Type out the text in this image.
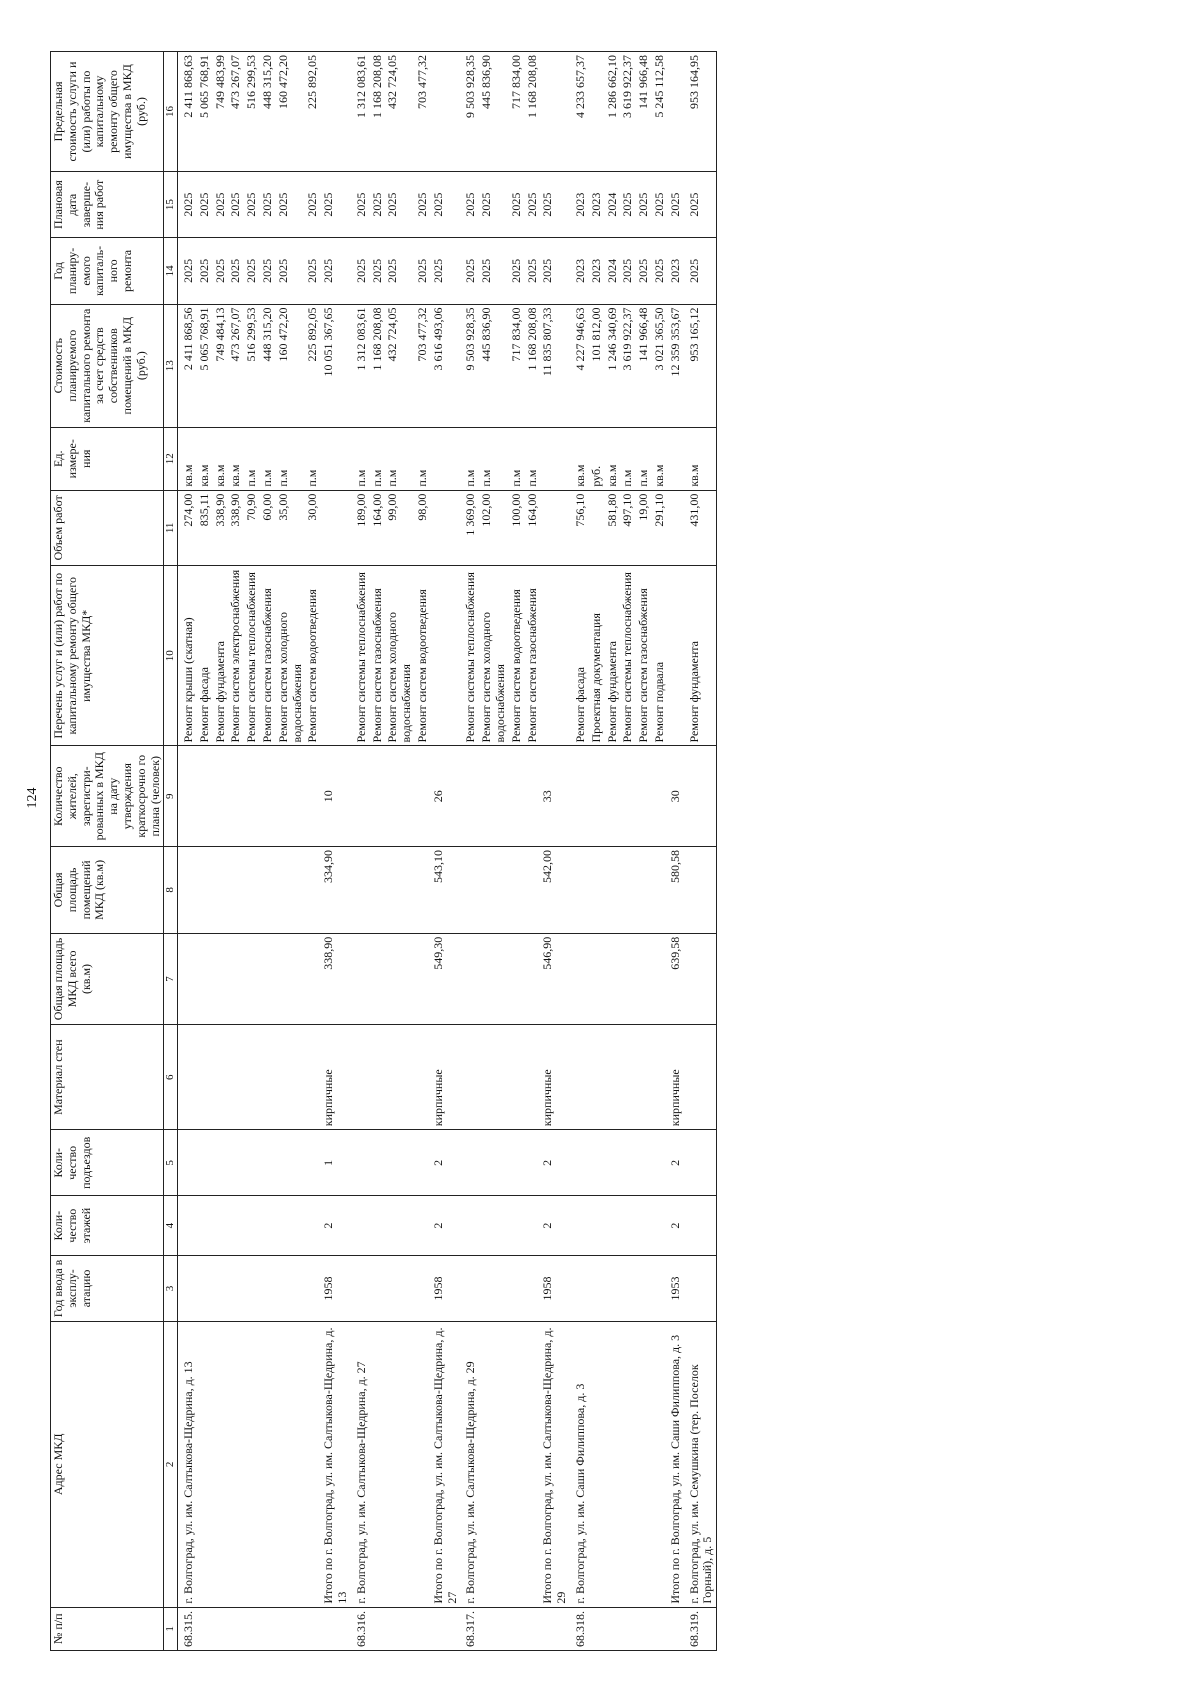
124
№ п/п	Адрес МКД	Год ввода в эксплу-атацию	Коли-чество этажей	Коли-чество подъездов	Материал стен	Общая площадь МКД всего (кв.м)	Общая площадь помещений МКД (кв.м)	Количество жителей, зарегистри-рованных в МКД на дату утверждения краткосрочно го плана (человек)	Перечень услуг и (или) работ по капитальному ремонту общего имущества МКД*	Объем работ	Ед. измере-ния	Стоимость планируемого капитального ремонта за счет средств собственников помещений в МКД (руб.)	Год планиру-емого капиталь-ного ремонта	Плановая дата заверше-ния работ	Предельная стоимость услуги и (или) работы по капитальному ремонту общего имущества в МКД (руб.)
1	2	3	4	5	6	7	8	9	10	11	12	13	14	15	16
68.315.	г. Волгоград, ул. им. Салтыкова-Щедрина, д. 13								Ремонт крыши (скатная)	274,00	кв.м	2 411 868,56	2025	2025	2 411 868,63
									Ремонт фасада	835,11	кв.м	5 065 768,91	2025	2025	5 065 768,91
									Ремонт фундамента	338,90	кв.м	749 484,13	2025	2025	749 483,99
									Ремонт систем электроснабжения	338,90	кв.м	473 267,07	2025	2025	473 267,07
									Ремонт системы теплоснабжения	70,90	п.м	516 299,53	2025	2025	516 299,53
									Ремонт систем газоснабжения	60,00	п.м	448 315,20	2025	2025	448 315,20
									Ремонт систем холодного водоснабжения	35,00	п.м	160 472,20	2025	2025	160 472,20
									Ремонт систем водоотведения	30,00	п.м	225 892,05	2025	2025	225 892,05
	Итого по г. Волгоград, ул. им. Салтыкова-Щедрина, д. 13	1958	2	1	кирпичные	338,90	334,90	10				10 051 367,65	2025	2025	
68.316.	г. Волгоград, ул. им. Салтыкова-Щедрина, д. 27								Ремонт системы теплоснабжения	189,00	п.м	1 312 083,61	2025	2025	1 312 083,61
									Ремонт систем газоснабжения	164,00	п.м	1 168 208,08	2025	2025	1 168 208,08
									Ремонт систем холодного водоснабжения	99,00	п.м	432 724,05	2025	2025	432 724,05
									Ремонт систем водоотведения	98,00	п.м	703 477,32	2025	2025	703 477,32
	Итого по г. Волгоград, ул. им. Салтыкова-Щедрина, д. 27	1958	2	2	кирпичные	549,30	543,10	26				3 616 493,06	2025	2025	
68.317.	г. Волгоград, ул. им. Салтыкова-Щедрина, д. 29								Ремонт системы теплоснабжения	1 369,00	п.м	9 503 928,35	2025	2025	9 503 928,35
									Ремонт систем холодного водоснабжения	102,00	п.м	445 836,90	2025	2025	445 836,90
									Ремонт систем водоотведения	100,00	п.м	717 834,00	2025	2025	717 834,00
									Ремонт систем газоснабжения	164,00	п.м	1 168 208,08	2025	2025	1 168 208,08
	Итого по г. Волгоград, ул. им. Салтыкова-Щедрина, д. 29	1958	2	2	кирпичные	546,90	542,00	33				11 835 807,33	2025	2025	
68.318.	г. Волгоград, ул. им. Саши Филиппова, д. 3								Ремонт фасада	756,10	кв.м	4 227 946,63	2023	2023	4 233 657,37
									Проектная документация		руб.	101 812,00	2023	2023	
									Ремонт фундамента	581,80	кв.м	1 246 340,69	2024	2024	1 286 662,10
									Ремонт системы теплоснабжения	497,10	п.м	3 619 922,37	2025	2025	3 619 922,37
									Ремонт систем газоснабжения	19,00	п.м	141 966,48	2025	2025	141 966,48
									Ремонт подвала	291,10	кв.м	3 021 365,50	2025	2025	5 245 112,58
	Итого по г. Волгоград, ул. им. Саши Филиппова, д. 3	1953	2	2	кирпичные	639,58	580,58	30				12 359 353,67	2023	2025	
68.319.	г. Волгоград, ул. им. Семушкина (тер. Поселок Горный), д. 5								Ремонт фундамента	431,00	кв.м	953 165,12	2025	2025	953 164,95
